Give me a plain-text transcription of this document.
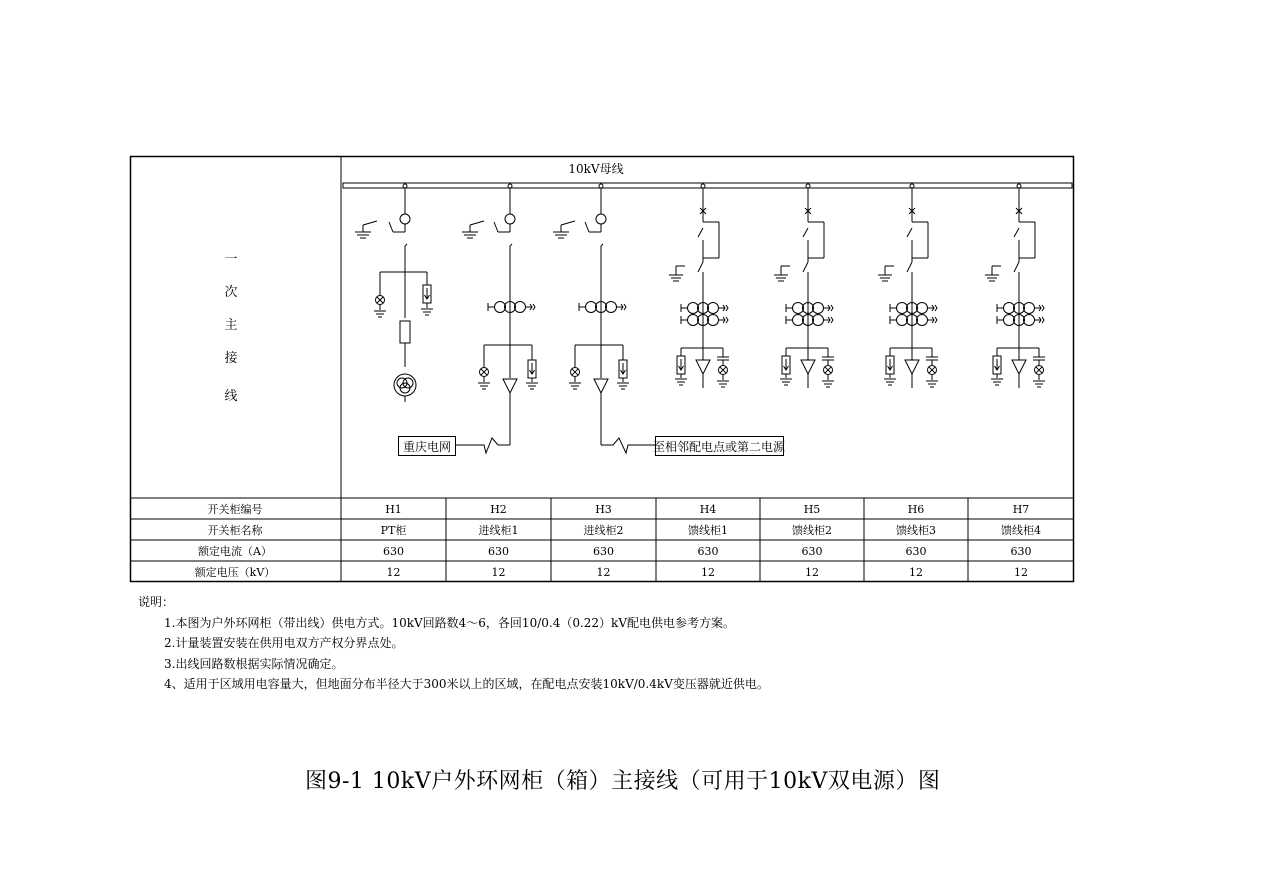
10kV母线
一
次
主
接
线
重庆电网	至相邻配电点或第二电源
开关柜编号
开关柜名称
额定电流（A）
额定电压（kV）
H1
PT柜
630
12
H2
进线柜1
630
12
H3
进线柜2
630
12
H4
馈线柜1
630
12
H5
馈线柜2
630
12
H6
馈线柜3
630
12
H7
馈线柜4
630
12
说明：
1.本图为户外环网柜（带出线）供电方式。10kV回路数4～6，各回10/0.4（0.22）kV配电供电参考方案。
2.计量装置安装在供用电双方产权分界点处。
3.出线回路数根据实际情况确定。
4、适用于区域用电容量大，但地面分布半径大于300米以上的区域，在配电点安装10kV/0.4kV变压器就近供电。
图9-1 10kV户外环网柜（箱）主接线（可用于10kV双电源）图
